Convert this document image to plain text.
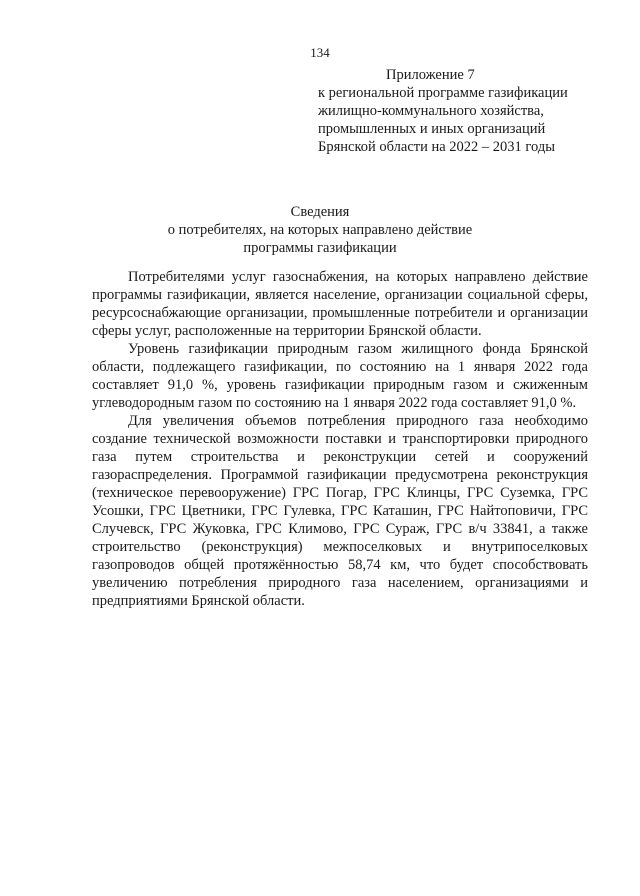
134
Приложение 7
к региональной программе газификации
жилищно-коммунального хозяйства,
промышленных и иных организаций
Брянской области на 2022 – 2031 годы
Сведения
о потребителях, на которых направлено действие
программы газификации

Потребителями услуг газоснабжения, на которых направлено действие программы газификации, является население, организации социальной сферы, ресурсоснабжающие организации, промышленные потребители и организации сферы услуг, расположенные на территории Брянской области.

Уровень газификации природным газом жилищного фонда Брянской области, подлежащего газификации, по состоянию на 1 января 2022 года составляет 91,0 %, уровень газификации природным газом и сжиженным углеводородным газом по состоянию на 1 января 2022 года составляет 91,0 %.

Для увеличения объемов потребления природного газа необходимо создание технической возможности поставки и транспортировки природного газа путем строительства и реконструкции сетей и сооружений газораспределения. Программой газификации предусмотрена реконструкция (техническое перевооружение) ГРС Погар, ГРС Клинцы, ГРС Суземка, ГРС Усошки, ГРС Цветники, ГРС Гулевка, ГРС Каташин, ГРС Найтоповичи, ГРС Случевск, ГРС Жуковка, ГРС Климово, ГРС Сураж, ГРС в/ч 33841, а также строительство (реконструкция) межпоселковых и внутрипоселковых газопроводов общей протяжённостью 58,74 км, что будет способствовать увеличению потребления природного газа населением, организациями и предприятиями Брянской области.
